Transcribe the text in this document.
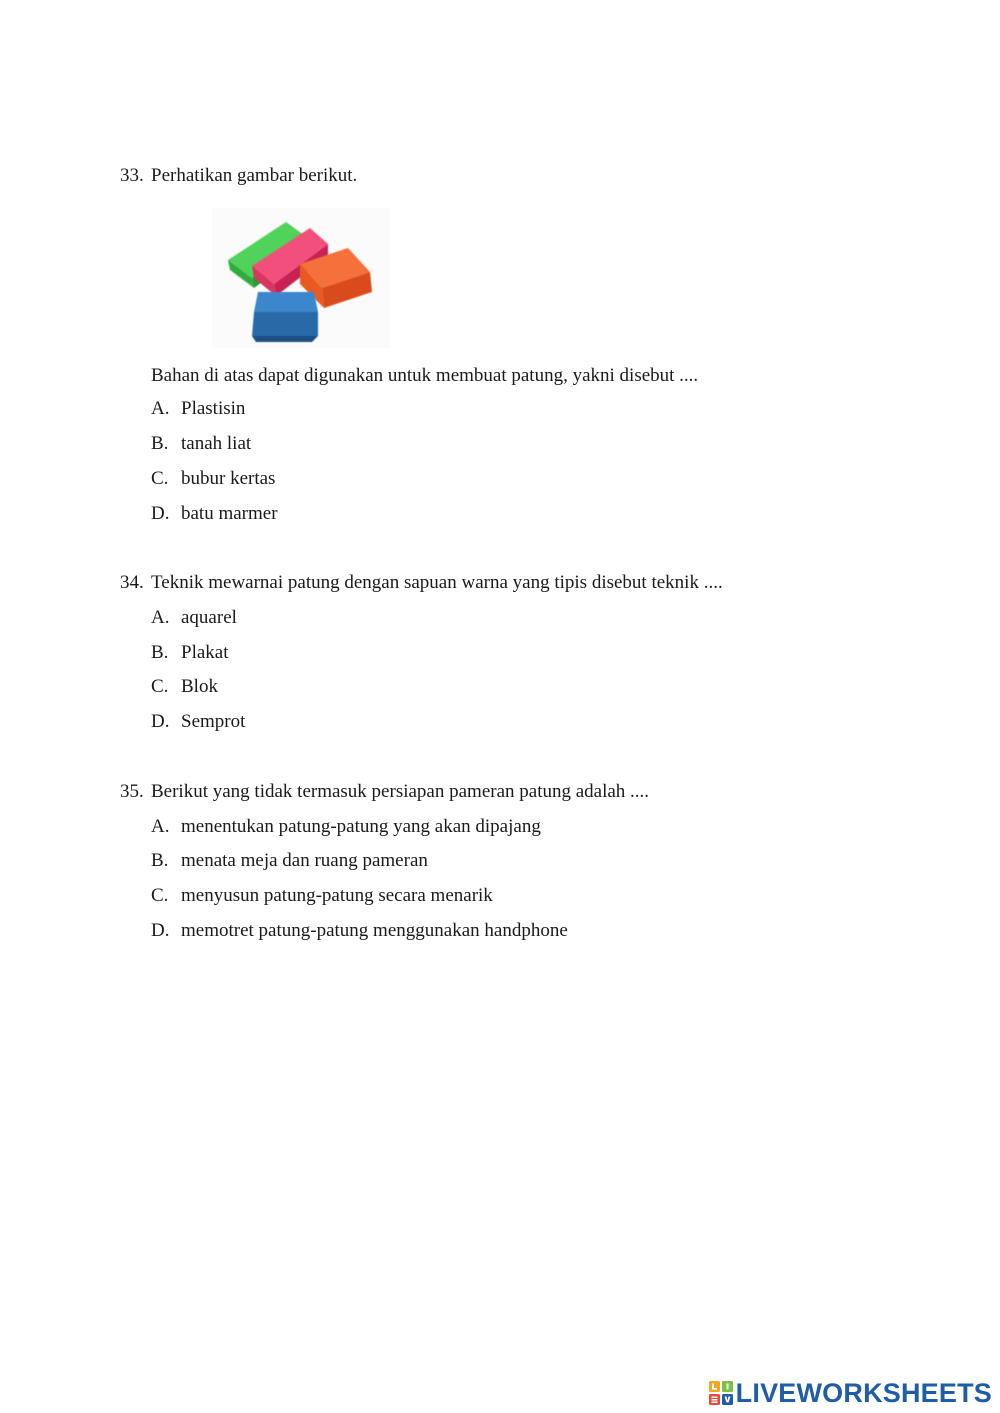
33. Perhatikan gambar berikut.
Bahan di atas dapat digunakan untuk membuat patung, yakni disebut ....
A. Plastisin
B. tanah liat
C. bubur kertas
D. batu marmer
34. Teknik mewarnai patung dengan sapuan warna yang tipis disebut teknik ....
A. aquarel
B. Plakat
C. Blok
D. Semprot
35. Berikut yang tidak termasuk persiapan pameran patung adalah ....
A. menentukan patung-patung yang akan dipajang
B. menata meja dan ruang pameran
C. menyusun patung-patung secara menarik
D. memotret patung-patung menggunakan handphone
LIVEWORKSHEETS
